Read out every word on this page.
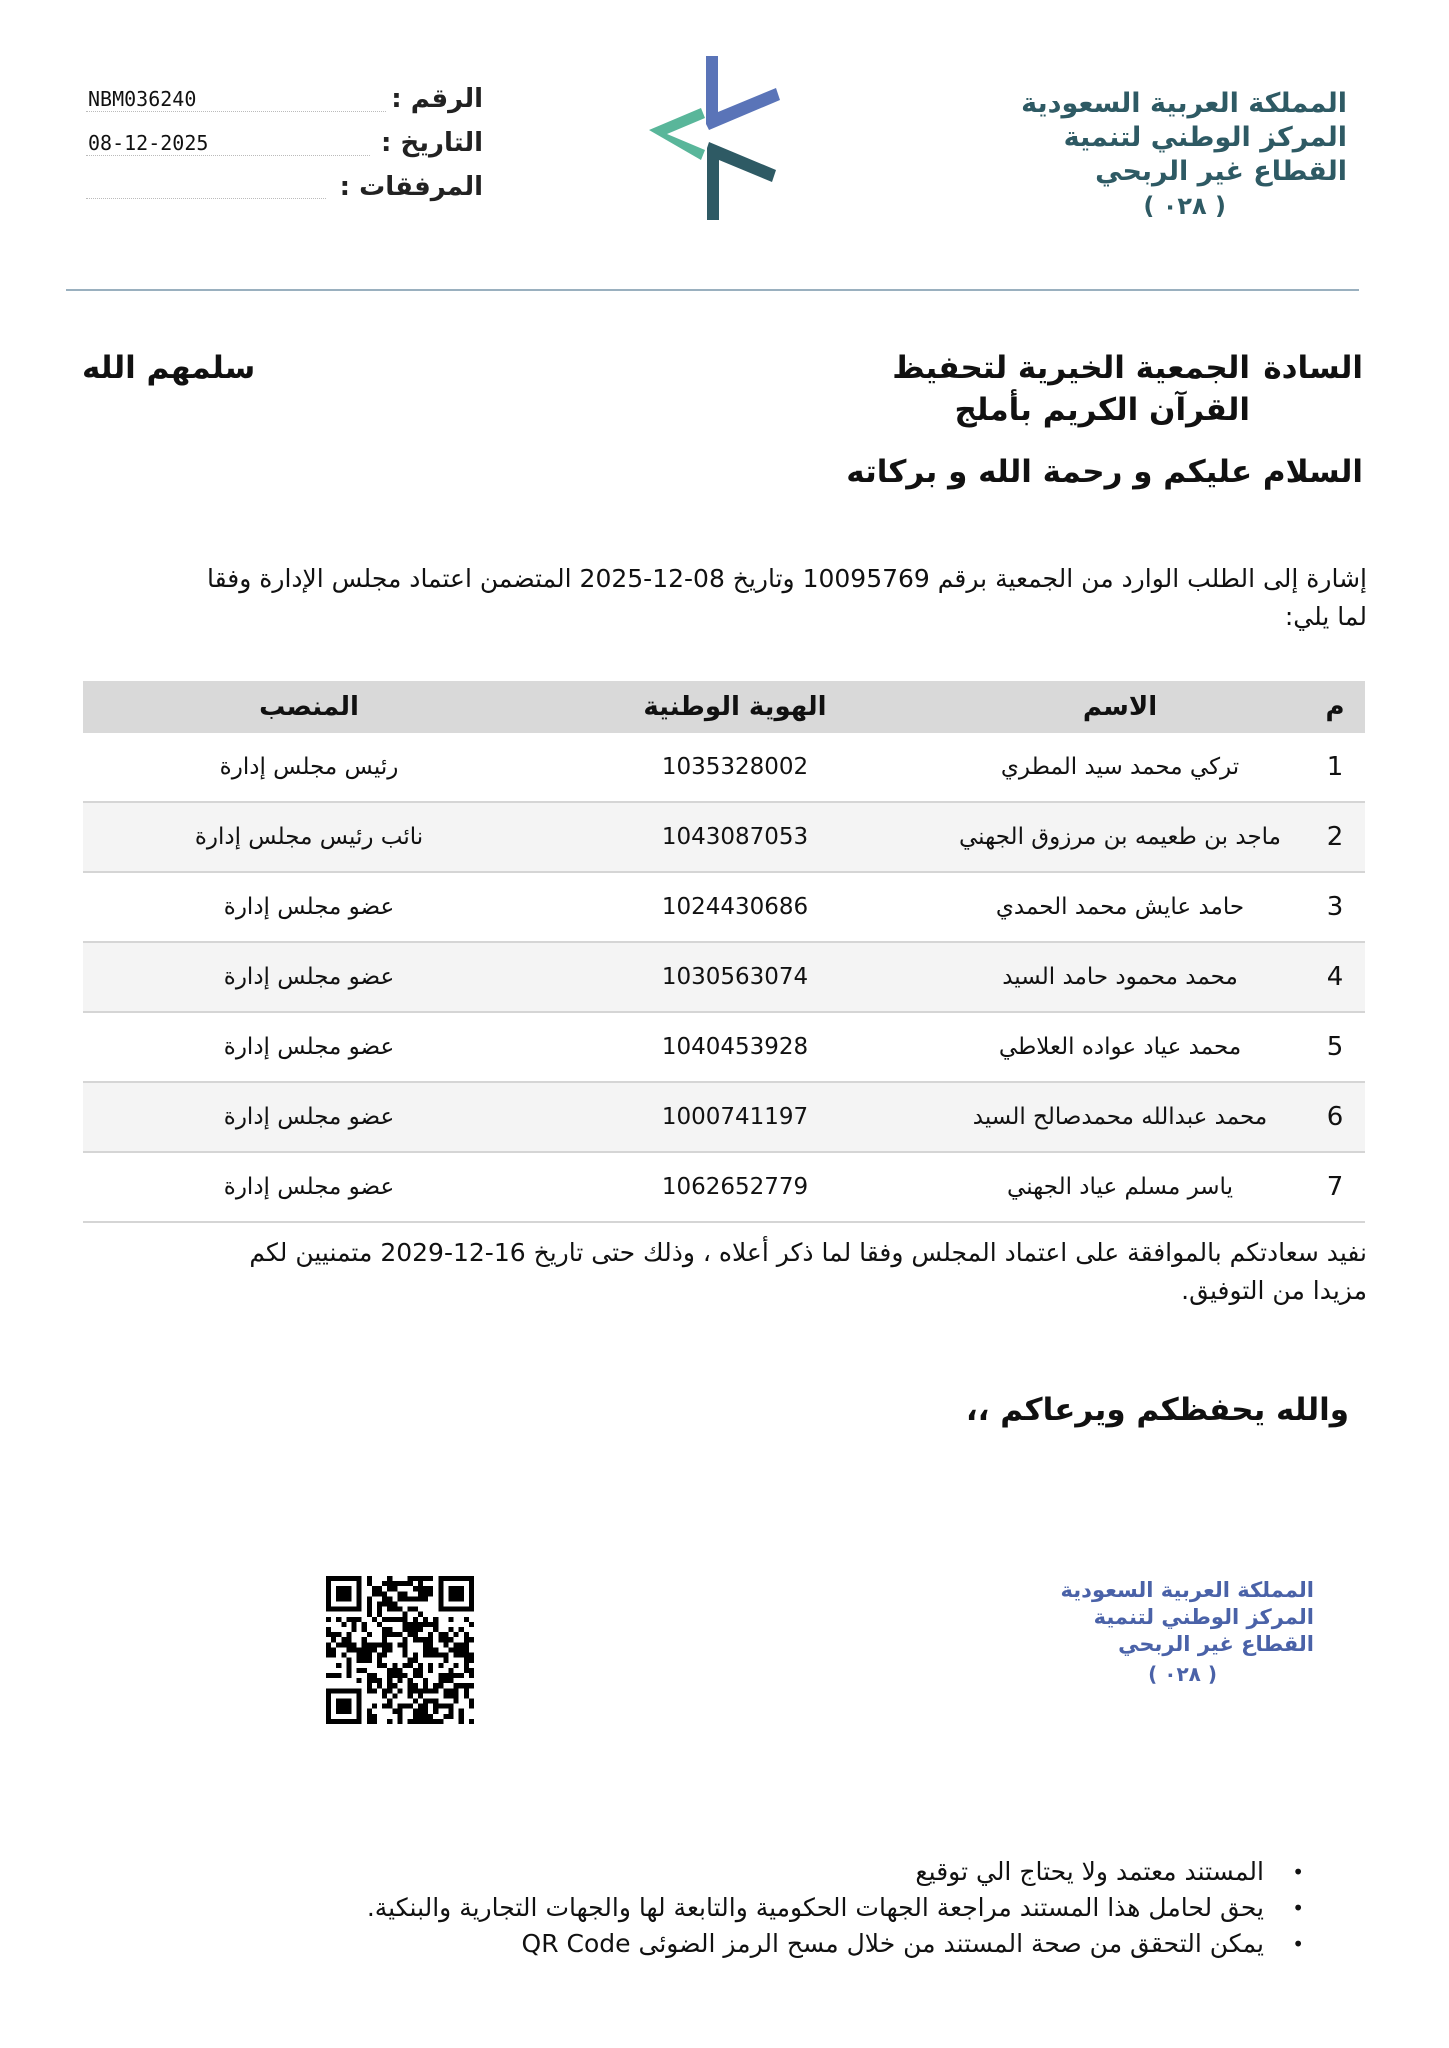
المملكة العربية السعودية
المركز الوطني لتنمية
القطاع غير الربحي
( ٠٢٨ )
الرقم :
NBM036240
التاريخ :
08-12-2025
المرفقات :
السادة
الجمعية الخيرية لتحفيظ
القرآن الكريم بأملج
سلمهم الله
السلام عليكم و رحمة الله و بركاته
إشارة إلى الطلب الوارد من الجمعية برقم 10095769 وتاريخ 08-12-2025 المتضمن اعتماد مجلس الإدارة وفقا
لما يلي:
م
الاسم
الهوية الوطنية
المنصب
1
تركي محمد سيد المطري
1035328002
رئيس مجلس إدارة
2
ماجد بن طعيمه بن مرزوق الجهني
1043087053
نائب رئيس مجلس إدارة
3
حامد عايش محمد الحمدي
1024430686
عضو مجلس إدارة
4
محمد محمود حامد السيد
1030563074
عضو مجلس إدارة
5
محمد عياد عواده العلاطي
1040453928
عضو مجلس إدارة
6
محمد عبدالله محمدصالح السيد
1000741197
عضو مجلس إدارة
7
ياسر مسلم عياد الجهني
1062652779
عضو مجلس إدارة
نفيد سعادتكم بالموافقة على اعتماد المجلس وفقا لما ذكر أعلاه ، وذلك حتى تاريخ 16-12-2029 متمنيين لكم
مزيدا من التوفيق.
والله يحفظكم ويرعاكم ،،
المملكة العربية السعودية
المركز الوطني لتنمية
القطاع غير الربحي
( ٠٢٨ )
•
المستند معتمد ولا يحتاج الي توقيع
•
يحق لحامل هذا المستند مراجعة الجهات الحكومية والتابعة لها والجهات التجارية والبنكية.
•
يمكن التحقق من صحة المستند من خلال مسح الرمز الضوئى QR Code
